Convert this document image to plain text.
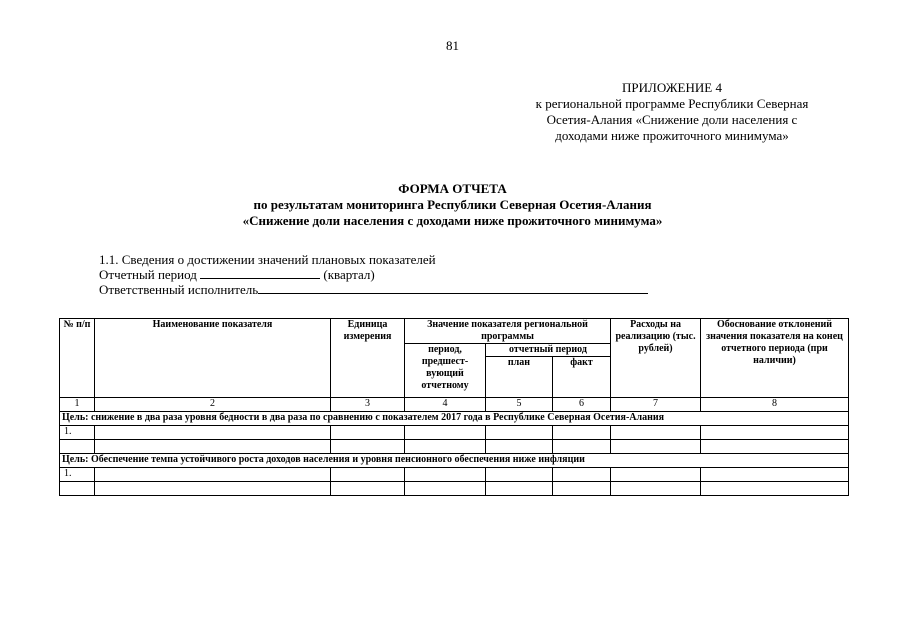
81
ПРИЛОЖЕНИЕ 4
к региональной программе Республики Северная
Осетия-Алания «Снижение доли населения с
доходами ниже прожиточного минимума»
ФОРМА ОТЧЕТА
по результатам мониторинга Республики Северная Осетия-Алания
«Снижение доли населения с доходами ниже прожиточного минимума»
1.1. Сведения о достижении значений плановых показателей
Отчетный период	(квартал)
Ответственный исполнитель
№ п/п	Наименование показателя	Единица измерения	Значение показателя региональной программы			Расходы на реализацию (тыс. рублей)	Обоснование отклонений значения показателя на конец отчетного периода (при наличии)
			период, предшест-вующий отчетному	отчетный период			
				план	факт		
1	2	3	4	5	6	7	8
Цель: снижение в два раза уровня бедности в два раза по сравнению с показателем 2017 года в Республике Северная Осетия-Алания							
1.							

Цель: Обеспечение темпа устойчивого роста доходов населения и уровня пенсионного обеспечения ниже инфляции							
1.							
